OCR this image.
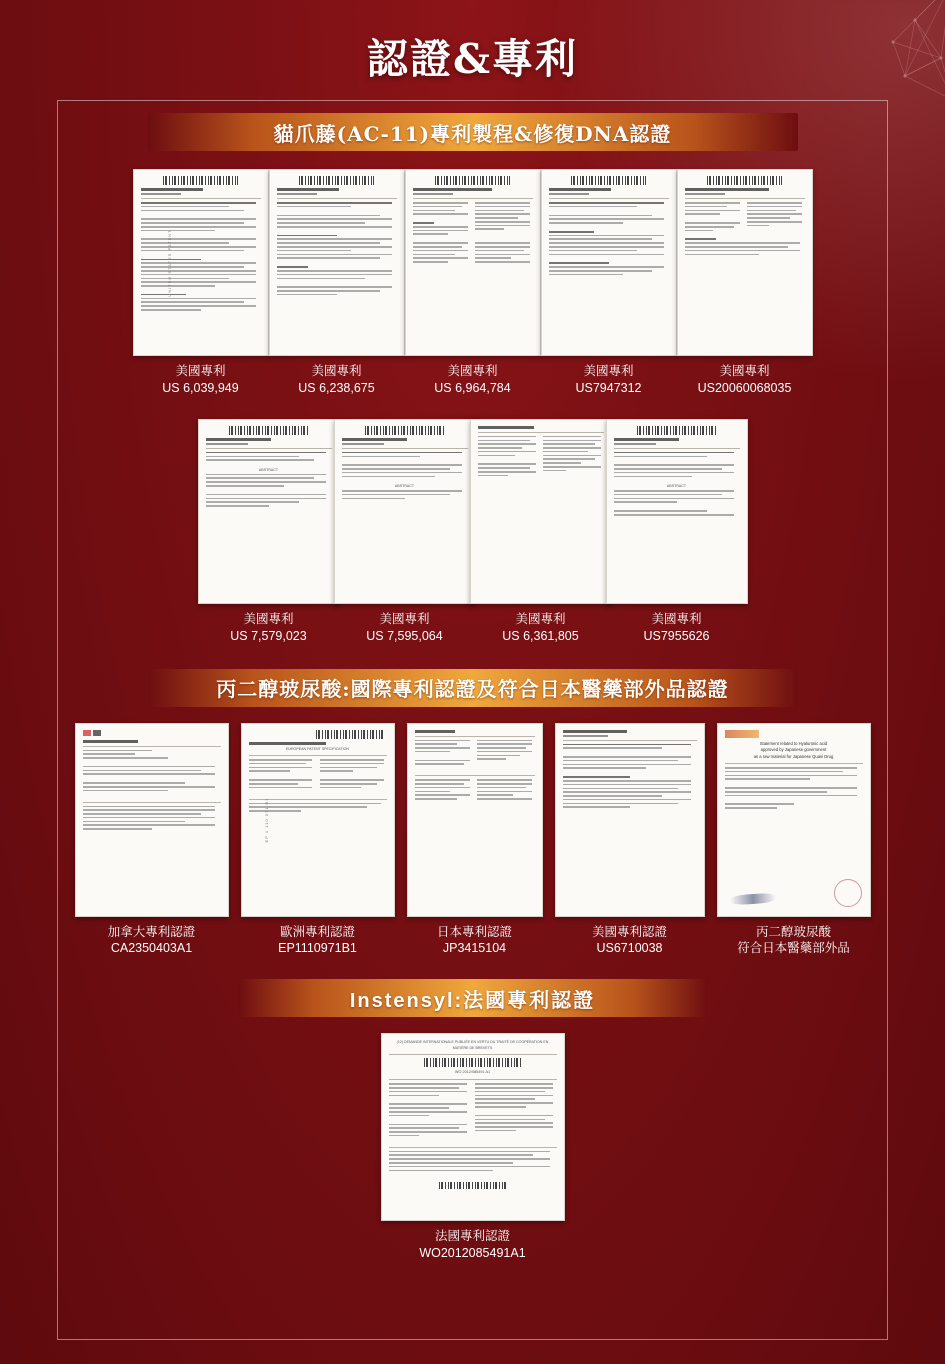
認證&專利
貓爪藤(AC-11)專利製程&修復DNA認證
UNITED STATES PATENT
美國專利
US 6,039,949
美國專利
US 6,238,675
美國專利
US 6,964,784
美國專利
US7947312
美國專利
US20060068035
ABSTRACT
美國專利
US 7,579,023
ABSTRACT
美國專利
US 7,595,064
美國專利
US 6,361,805
ABSTRACT
美國專利
US7955626
丙二醇玻尿酸:國際專利認證及符合日本醫藥部外品認證
加拿大專利認證
CA2350403A1
EUROPEAN PATENT SPECIFICATION
EP 1 110 971 B1
歐洲專利認證
EP1110971B1
日本專利認證
JP3415104
美國專利認證
US6710038
Statement related to Hyaluronic acid
approved by Japanese government
as a raw material for Japanese Quasi Drug
丙二醇玻尿酸
符合日本醫藥部外品
Instensyl:法國專利認證
(12) DEMANDE INTERNATIONALE PUBLIÉE EN VERTU DU TRAITÉ DE COOPÉRATION EN MATIÈRE DE BREVETS
WO 2012/085491 A1
法國專利認證
WO2012085491A1
